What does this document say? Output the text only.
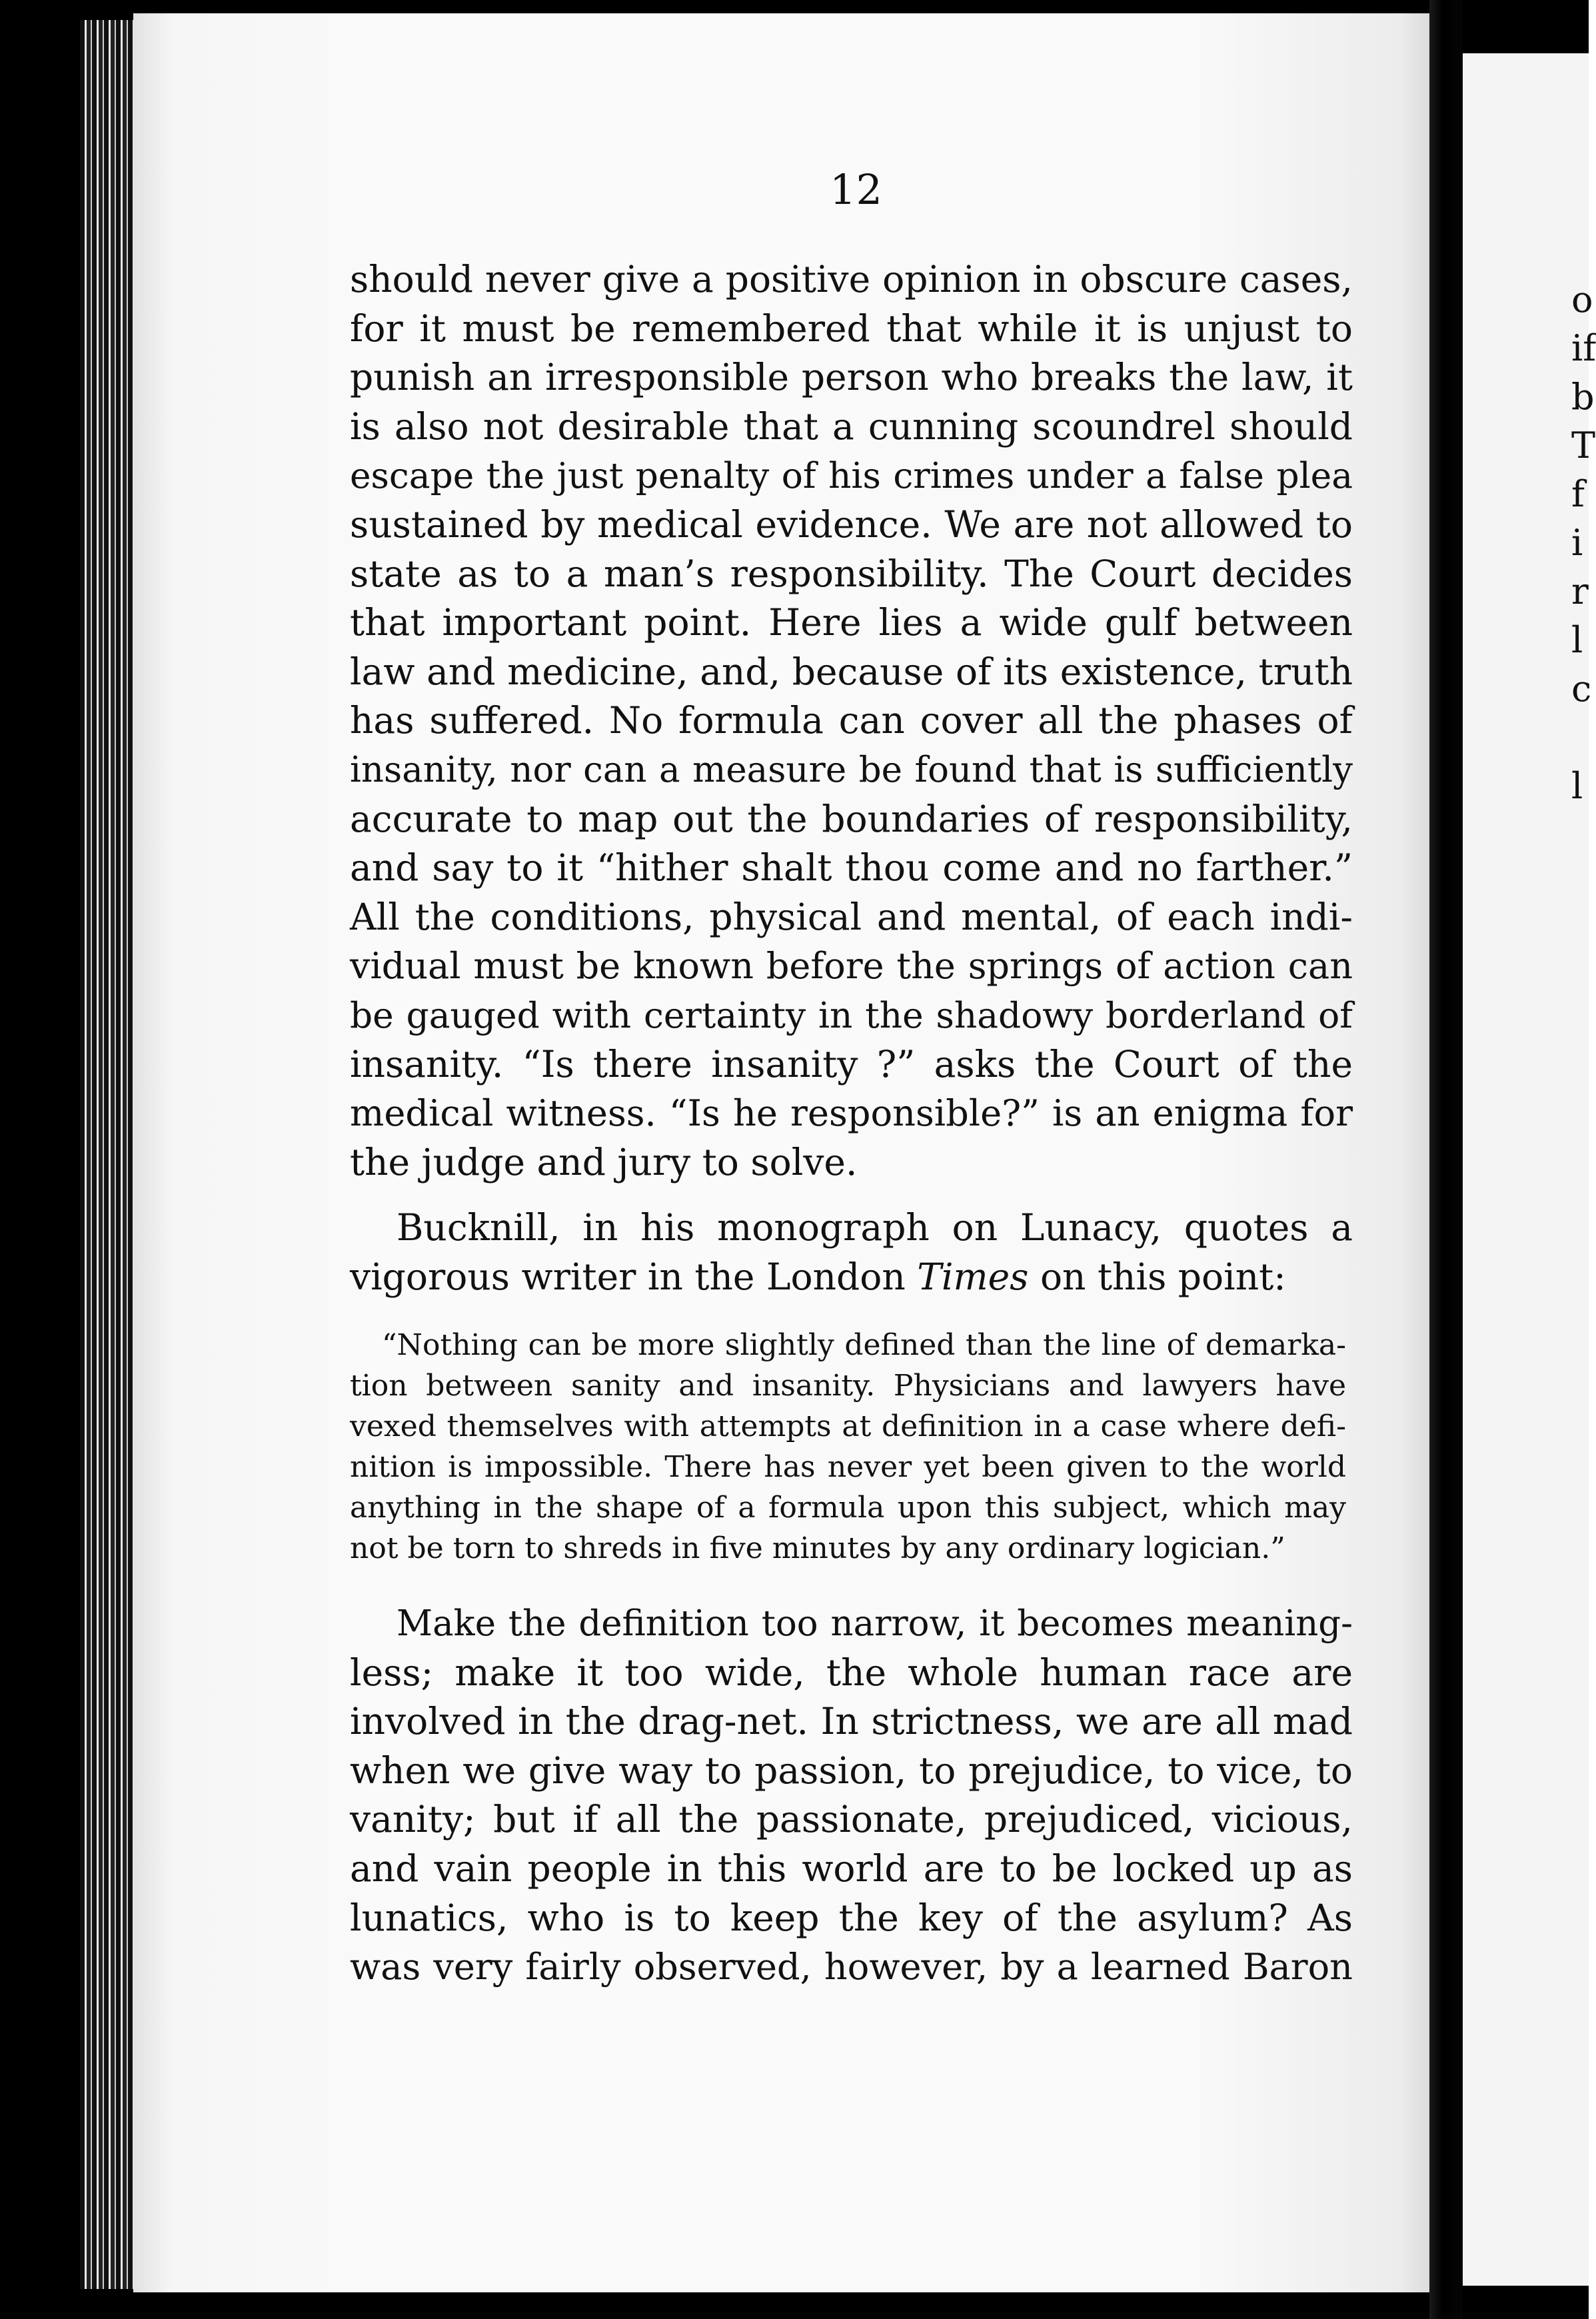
o
if
b
T
f
i
r
l
c
l
12
should never give a positive opinion in obscure cases,
for it must be remembered that while it is unjust to
punish an irresponsible person who breaks the law, it
is also not desirable that a cunning scoundrel should
escape the just penalty of his crimes under a false plea
sustained by medical evidence. We are not allowed to
state as to a man’s responsibility. The Court decides
that important point. Here lies a wide gulf between
law and medicine, and, because of its existence, truth
has suffered. No formula can cover all the phases of
insanity, nor can a measure be found that is sufficiently
accurate to map out the boundaries of responsibility,
and say to it “hither shalt thou come and no farther.”
All the conditions, physical and mental, of each indi-
vidual must be known before the springs of action can
be gauged with certainty in the shadowy borderland of
insanity. “Is there insanity ?” asks the Court of the
medical witness. “Is he responsible?” is an enigma for
the judge and jury to solve.
Bucknill, in his monograph on Lunacy, quotes a
vigorous writer in the London Times on this point:
“Nothing can be more slightly defined than the line of demarka-
tion between sanity and insanity. Physicians and lawyers have
vexed themselves with attempts at definition in a case where defi-
nition is impossible. There has never yet been given to the world
anything in the shape of a formula upon this subject, which may
not be torn to shreds in five minutes by any ordinary logician.”
Make the definition too narrow, it becomes meaning-
less; make it too wide, the whole human race are
involved in the drag-net. In strictness, we are all mad
when we give way to passion, to prejudice, to vice, to
vanity; but if all the passionate, prejudiced, vicious,
and vain people in this world are to be locked up as
lunatics, who is to keep the key of the asylum? As
was very fairly observed, however, by a learned Baron
